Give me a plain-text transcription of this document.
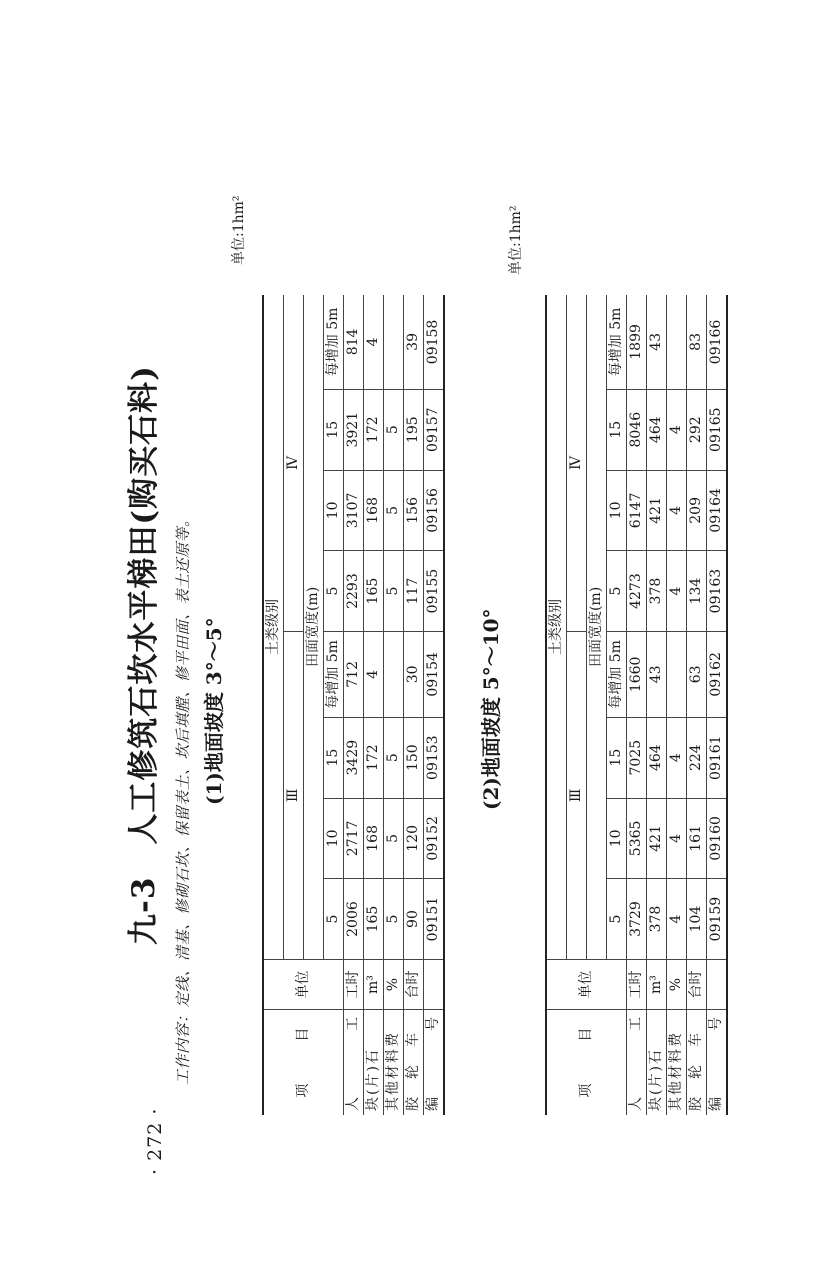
· 272 ·
九-3　人工修筑石坎水平梯田(购买石料) 工作内容：定线、清基、修砌石坎、保留表土、坎后填膛、修平田面、表土还原等。 (1)地面坡度 3°～5°
单位:1hm²
(2)地面坡度 5°～10°
单位:1hm²
项　　　目	单位	土类级别							
		Ⅲ				Ⅳ			
		田面宽度(m)							
		5	10	15	每增加 5m	5	10	15	每增加 5m
人　　　　工	工时	2006	2717	3429	712	2293	3107	3921	814
块(片)石	m³	165	168	172	4	165	168	172	4
其他材料费	%	5	5	5		5	5	5	
胶　轮　车	台时	90	120	150	30	117	156	195	39
编　　　　号		09151	09152	09153	09154	09155	09156	09157	09158
项　　　目	单位	土类级别							
		Ⅲ				Ⅳ			
		田面宽度(m)							
		5	10	15	每增加 5m	5	10	15	每增加 5m
人　　　　工	工时	3729	5365	7025	1660	4273	6147	8046	1899
块(片)石	m³	378	421	464	43	378	421	464	43
其他材料费	%	4	4	4		4	4	4	
胶　轮　车	台时	104	161	224	63	134	209	292	83
编　　　　号		09159	09160	09161	09162	09163	09164	09165	09166
